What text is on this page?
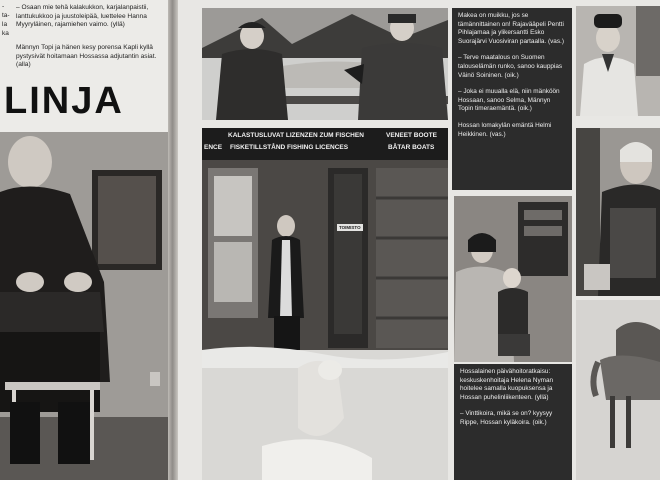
-
ta-
la
ka
– Osaan mie tehä kalakukkon, karjalanpaistii, lanttukukkoo ja juustoleipää, luettelee Hanna Myyryläinen, rajamiehen vaimo. (yllä)
Männyn Topi ja hänen kesy porensa Kapli kyllä pystysivät hoitamaan Hossassa adjutantin asiat. (alla)
LINJA

Makea on muikku, jos se tämännittainen on! Rajavääpeli Pentti Pihlajamaa ja ylikersantti Esko Suorajärvi Vuosiviran partaalla. (vas.)

– Terve maatalous on Suomen talouselämän runko, sanoo kauppias Väinö Soininen. (oik.)

– Joka ei muualla elä, niin mänköön Hossaan, sanoo Selma, Männyn Topin timeraemäntä. (oik.)

Hossan lomakylän emäntä Helmi Heikkinen. (vas.)

KALASTUSLUVAT LIZENZEN ZUM FISCHEN	VENEET BOOTE
ENCE FISKETILLSTÅND FISHING LICENCES	BÅTAR BOATS
TOIMISTO

Hossalainen päivähoitoratkaisu: keskuskenhoitaja Helena Nyman hoitelee samalla kuopuksensa ja Hossan puhelinliikenteen. (yllä)

– Vinttikoira, mikä se on? kyysyy Rippe, Hossan kyläkoira. (oik.)
